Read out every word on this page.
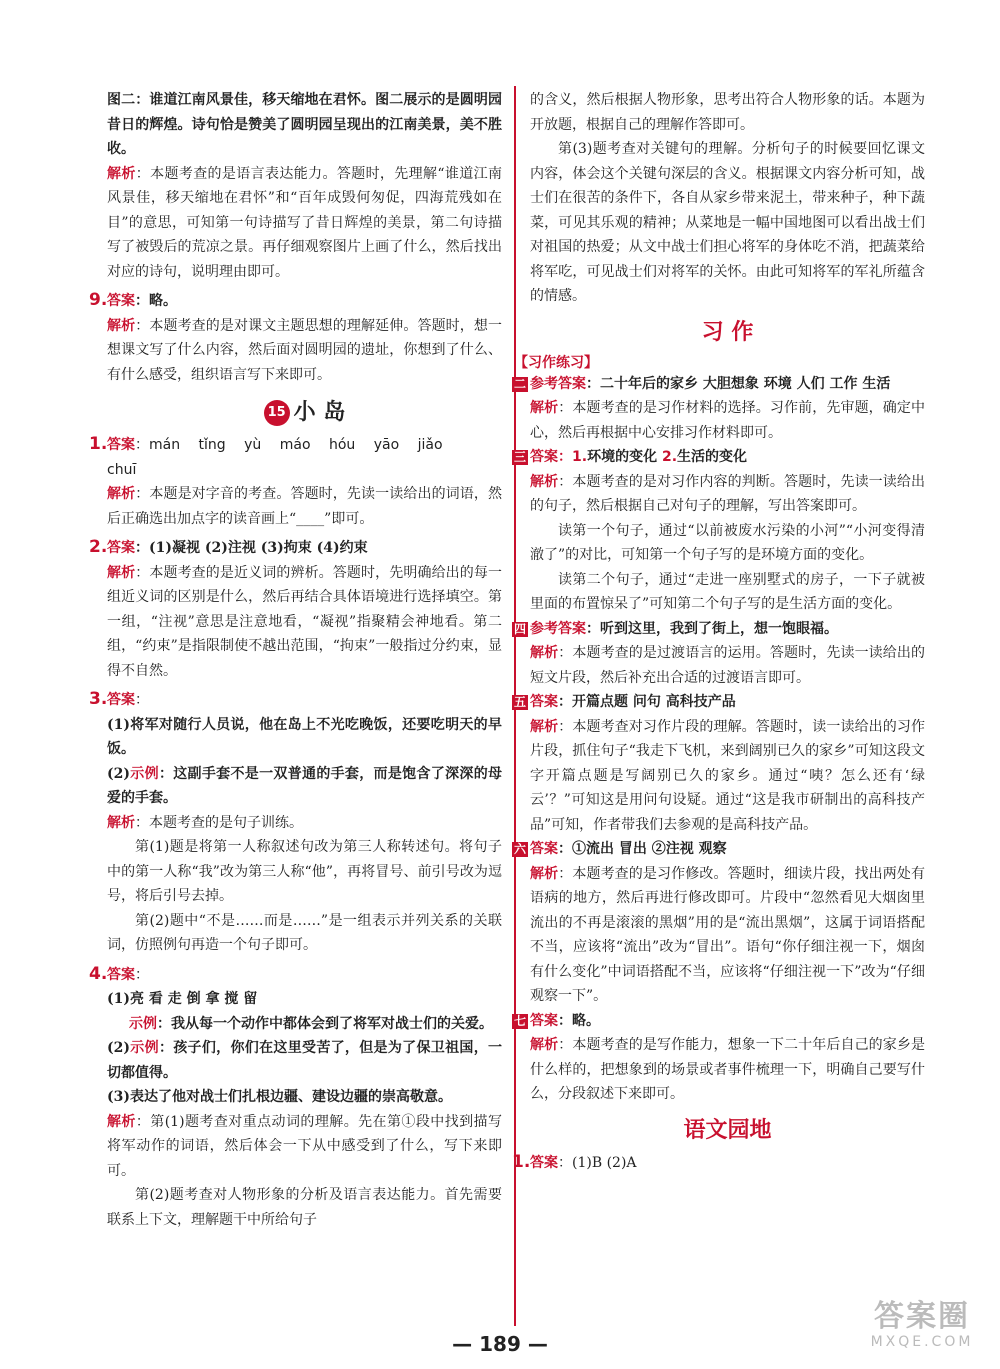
图二：谁道江南风景佳，移天缩地在君怀。图二展示的是圆明园昔日的辉煌。诗句恰是赞美了圆明园呈现出的江南美景，美不胜收。

解析：本题考查的是语言表达能力。答题时，先理解“谁道江南风景佳，移天缩地在君怀”和“百年成毁何匆促，四海荒残如在目”的意思，可知第一句诗描写了昔日辉煌的美景，第二句诗描写了被毁后的荒凉之景。再仔细观察图片上画了什么，然后找出对应的诗句，说明理由即可。

9.答案：略。

解析：本题考查的是对课文主题思想的理解延伸。答题时，想一想课文写了什么内容，然后面对圆明园的遗址，你想到了什么、有什么感受，组织语言写下来即可。

15 小 岛

1.答案：mán tǐng yù máo hóu yāo jiǎo

chuī

解析：本题是对字音的考查。答题时，先读一读给出的词语，然后正确选出加点字的读音画上“____”即可。

2.答案：(1)凝视 (2)注视 (3)拘束 (4)约束

解析：本题考查的是近义词的辨析。答题时，先明确给出的每一组近义词的区别是什么，然后再结合具体语境进行选择填空。第一组，“注视”意思是注意地看，“凝视”指聚精会神地看。第二组，“约束”是指限制使不越出范围，“拘束”一般指过分约束，显得不自然。

3.答案：

(1)将军对随行人员说，他在岛上不光吃晚饭，还要吃明天的早饭。

(2)示例：这副手套不是一双普通的手套，而是饱含了深深的母爱的手套。

解析：本题考查的是句子训练。

第(1)题是将第一人称叙述句改为第三人称转述句。将句子中的第一人称“我”改为第三人称“他”，再将冒号、前引号改为逗号，将后引号去掉。

第(2)题中“不是……而是……”是一组表示并列关系的关联词，仿照例句再造一个句子即可。

4.答案：

(1)亮 看 走 倒 拿 搅 留

示例：我从每一个动作中都体会到了将军对战士们的关爱。

(2)示例：孩子们，你们在这里受苦了，但是为了保卫祖国，一切都值得。

(3)表达了他对战士们扎根边疆、建设边疆的崇高敬意。

解析：第(1)题考查对重点动词的理解。先在第①段中找到描写将军动作的词语，然后体会一下从中感受到了什么，写下来即可。

第(2)题考查对人物形象的分析及语言表达能力。首先需要联系上下文，理解题干中所给句子

的含义，然后根据人物形象，思考出符合人物形象的话。本题为开放题，根据自己的理解作答即可。

第(3)题考查对关键句的理解。分析句子的时候要回忆课文内容，体会这个关键句深层的含义。根据课文内容分析可知，战士们在很苦的条件下，各自从家乡带来泥土，带来种子，种下蔬菜，可见其乐观的精神；从菜地是一幅中国地图可以看出战士们对祖国的热爱；从文中战士们担心将军的身体吃不消，把蔬菜给将军吃，可见战士们对将军的关怀。由此可知将军的军礼所蕴含的情感。

习 作
【习作练习】

二 参考答案：二十年后的家乡 大胆想象 环境 人们 工作 生活

解析：本题考查的是习作材料的选择。习作前，先审题，确定中心，然后再根据中心安排习作材料即可。

三 答案：1.环境的变化 2.生活的变化

解析：本题考查的是对习作内容的判断。答题时，先读一读给出的句子，然后根据自己对句子的理解，写出答案即可。

读第一个句子，通过“以前被废水污染的小河”“小河变得清澈了”的对比，可知第一个句子写的是环境方面的变化。

读第二个句子，通过“走进一座别墅式的房子，一下子就被里面的布置惊呆了”可知第二个句子写的是生活方面的变化。

四 参考答案：听到这里，我到了街上，想一饱眼福。

解析：本题考查的是过渡语言的运用。答题时，先读一读给出的短文片段，然后补充出合适的过渡语言即可。

五 答案：开篇点题 问句 高科技产品

解析：本题考查对习作片段的理解。答题时，读一读给出的习作片段，抓住句子“我走下飞机，来到阔别已久的家乡”可知这段文字开篇点题是写阔别已久的家乡。通过“咦？怎么还有‘绿云’？”可知这是用问句设疑。通过“这是我市研制出的高科技产品”可知，作者带我们去参观的是高科技产品。

六 答案：①流出 冒出 ②注视 观察

解析：本题考查的是习作修改。答题时，细读片段，找出两处有语病的地方，然后再进行修改即可。片段中“忽然看见大烟囱里流出的不再是滚滚的黑烟”用的是“流出黑烟”，这属于词语搭配不当，应该将“流出”改为“冒出”。语句“你仔细注视一下，烟囱有什么变化”中词语搭配不当，应该将“仔细注视一下”改为“仔细观察一下”。

七 答案：略。

解析：本题考查的是写作能力，想象一下二十年后自己的家乡是什么样的，把想象到的场景或者事件梳理一下，明确自己要写什么，分段叙述下来即可。

语文园地

1.答案：(1)B (2)A

— 189 —
答案圈
MXQE.COM
